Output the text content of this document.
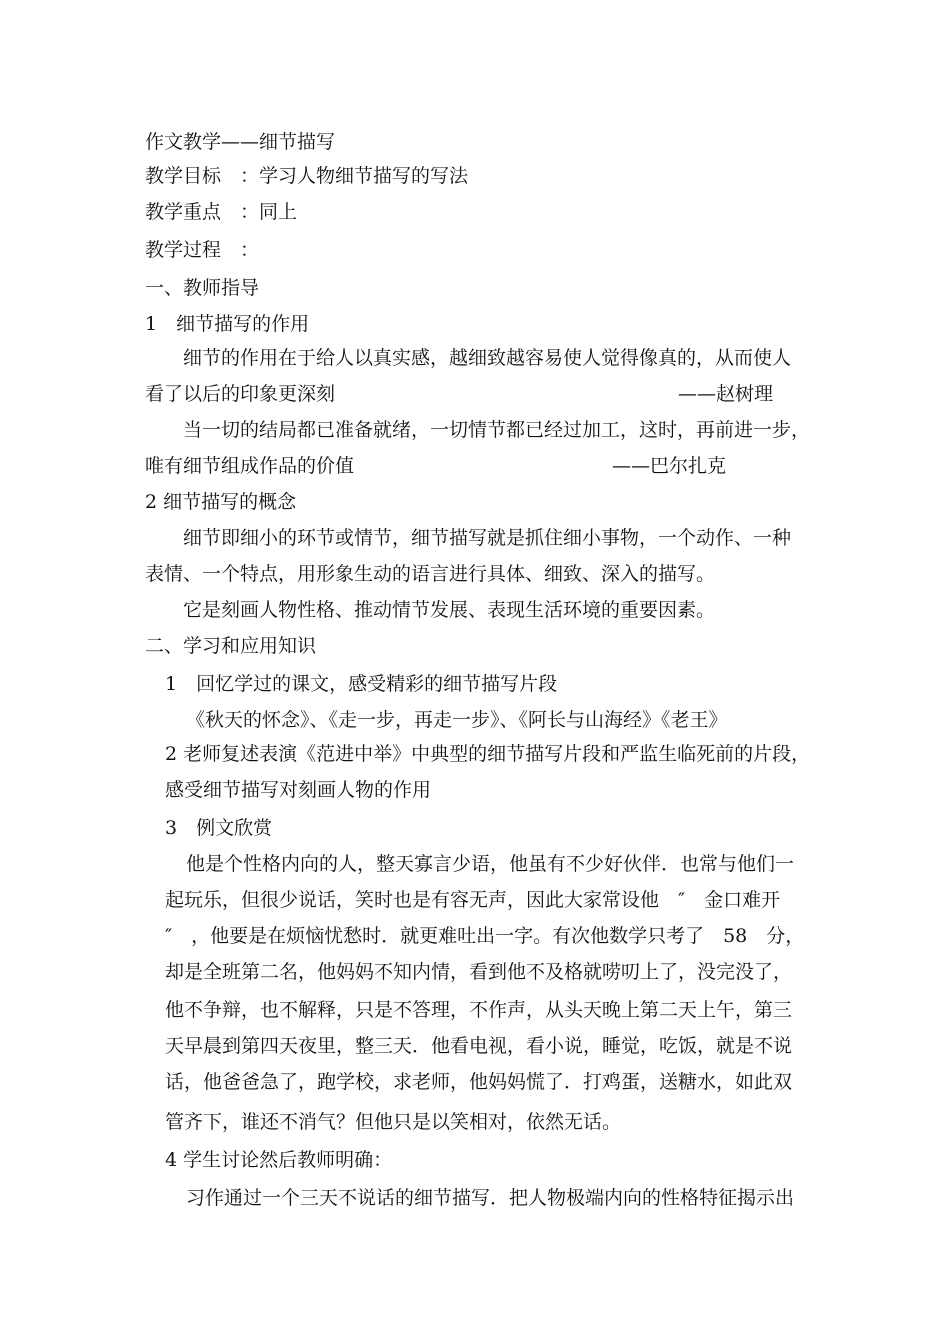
作文教学——细节描写
教学目标　：学习人物细节描写的写法
教学重点　：同上
教学过程　：
一、教师指导
1　细节描写的作用
细节的作用在于给人以真实感，越细致越容易使人觉得像真的，从而使人
看了以后的印象更深刻	——赵树理
当一切的结局都已准备就绪，一切情节都已经过加工，这时，再前进一步，
唯有细节组成作品的价值	——巴尔扎克
2 细节描写的概念
细节即细小的环节或情节，细节描写就是抓住细小事物，一个动作、一种
表情、一个特点，用形象生动的语言进行具体、细致、深入的描写。
它是刻画人物性格、推动情节发展、表现生活环境的重要因素。
二、学习和应用知识
1　回忆学过的课文，感受精彩的细节描写片段
《秋天的怀念》、《走一步，再走一步》、《阿长与山海经》《老王》
2 老师复述表演《范进中举》中典型的细节描写片段和严监生临死前的片段，
感受细节描写对刻画人物的作用
3　例文欣赏
他是个性格内向的人，整天寡言少语，他虽有不少好伙伴．也常与他们一
起玩乐，但很少说话，笑时也是有容无声，因此大家常设他　″　金口难开
″　，他要是在烦恼忧愁时．就更难吐出一字。有次他数学只考了　58　分，
却是全班第二名，他妈妈不知内情，看到他不及格就唠叨上了，没完没了，
他不争辩，也不解释，只是不答理，不作声，从头天晚上第二天上午，第三
天早晨到第四天夜里，整三天．他看电视，看小说，睡觉，吃饭，就是不说
话，他爸爸急了，跑学校，求老师，他妈妈慌了．打鸡蛋，送糖水，如此双
管齐下，谁还不消气？但他只是以笑相对，依然无话。
4 学生讨论然后教师明确：
习作通过一个三天不说话的细节描写．把人物极端内向的性格特征揭示出
